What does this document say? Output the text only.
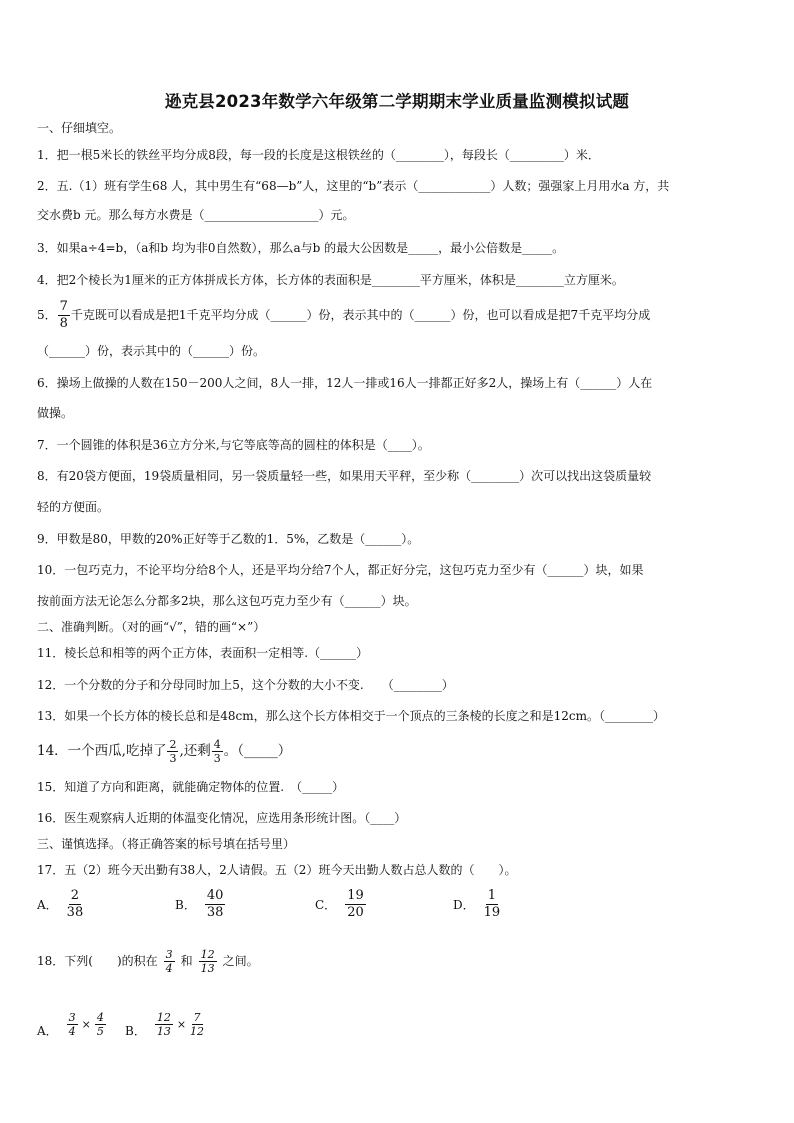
逊克县2023年数学六年级第二学期期末学业质量监测模拟试题
一、仔细填空。
1．把一根5米长的铁丝平均分成8段，每一段的长度是这根铁丝的（________），每段长（_________）米．
2．五.（1）班有学生68 人，其中男生有“68—b”人，这里的“b”表示（____________）人数；强强家上月用水a 方，共
交水费b 元。那么每方水费是（___________________）元。
3．如果a÷4=b，（a和b 均为非0自然数），那么a与b 的最大公因数是_____，最小公倍数是_____。
4．把2个棱长为1厘米的正方体拼成长方体，长方体的表面积是________平方厘米，体积是________立方厘米。
5． $\frac{7}{8}$ 千克既可以看成是把1千克平均分成（______）份，表示其中的（______）份，也可以看成是把7千克平均分成
（______）份，表示其中的（______）份。
6．操场上做操的人数在150－200人之间，8人一排，12人一排或16人一排都正好多2人，操场上有（______）人在
做操。
7．一个圆锥的体积是36立方分米,与它等底等高的圆柱的体积是（____）。
8．有20袋方便面，19袋质量相同，另一袋质量轻一些，如果用天平秤，至少称（________）次可以找出这袋质量较
轻的方便面。
9．甲数是80，甲数的20%正好等于乙数的1．5%，乙数是（______）。
10．一包巧克力，不论平均分给8个人，还是平均分给7个人，都正好分完，这包巧克力至少有（______）块，如果
按前面方法无论怎么分都多2块，那么这包巧克力至少有（______）块。
二、准确判断。（对的画“√”，错的画“×”）
11．棱长总和相等的两个正方体，表面积一定相等.（______）
12．一个分数的分子和分母同时加上5，这个分数的大小不变.　　（________）
13．如果一个长方体的棱长总和是48cm，那么这个长方体相交于一个顶点的三条棱的长度之和是12cm。（________）
14．一个西瓜,吃掉了 $\frac{2}{3}$ ,还剩 $\frac{4}{3}$ 。（_____）
15．知道了方向和距离，就能确定物体的位置.　（_____）
16．医生观察病人近期的体温变化情况，应选用条形统计图。（____）
三、谨慎选择。（将正确答案的标号填在括号里）
17．五（2）班今天出勤有38人，2人请假。五（2）班今天出勤人数占总人数的（　　）。
A． $\frac{2}{38}$	B． $\frac{40}{38}$	C． $\frac{19}{20}$	D． $\frac{1}{19}$
18．下列(　　)的积在 $\frac{3}{4}$ 和 $\frac{12}{13}$ 之间。
A． $\frac{3}{4} \times \frac{4}{5}$ B． $\frac{12}{13} \times \frac{7}{12}$
